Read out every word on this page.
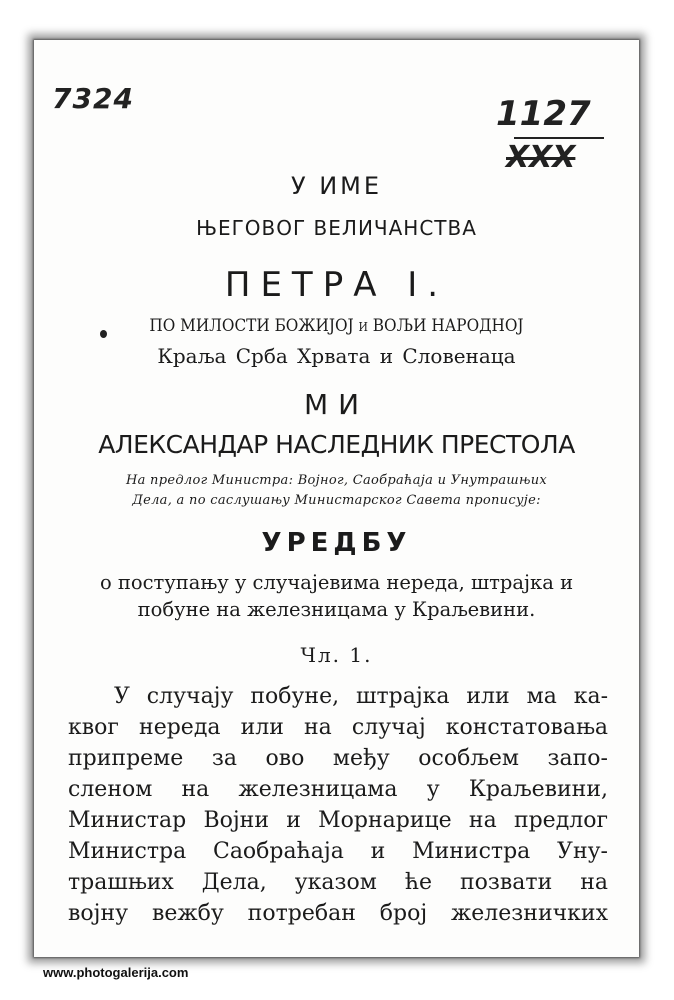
7324	1127
XXX
У ИМЕ
ЊЕГОВОГ ВЕЛИЧАНСТВА
ПЕТРА I.
ПО МИЛОСТИ БОЖИЈОЈ и ВОЉИ НАРОДНОЈ
Краља Срба Хрвата и Словенаца
МИ
АЛЕКСАНДАР НАСЛЕДНИК ПРЕСТОЛА
На предлог Министра: Војног, Саобраћаја и Унутрашњих
Дела, а по саслушању Министарског Савета прописује:
УРЕДБУ
о поступању у случајевима нереда, штрајка и
побуне на железницама у Краљевини.
Чл. 1.
У случају побуне, штрајка или ма ка-
квог нереда или на случај констатовања
припреме за ово међу особљем запо-
сленом на железницама у Краљевини,
Министар Војни и Морнарице на предлог
Министра Саобраћаја и Министра Уну-
трашњих Дела, указом ће позвати на
војну вежбу потребан број железничких
www.photogalerija.com
